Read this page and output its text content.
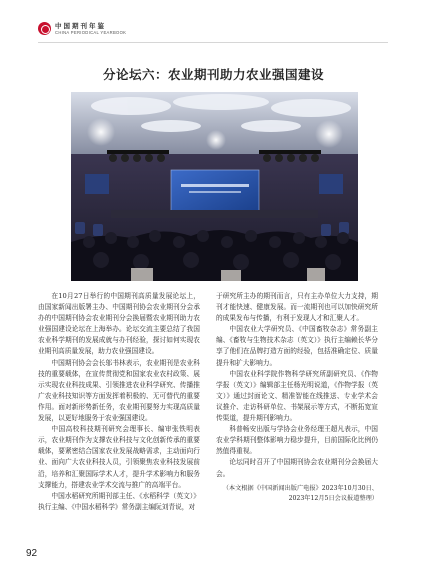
中国期刊年鉴
CHINA PERIODICAL YEARBOOK
分论坛六：农业期刊助力农业强国建设

在10月27日举行的中国期刊高质量发展论坛上，由国家新闻出版署主办、中国期刊协会农业期刊分会承办的中国期刊协会农业期刊分会换届暨农业期刊助力农业强国建设论坛在上海举办。论坛交流主要总结了我国农业科学期刊的发展成就与办刊经验，探讨如何实现农业期刊高质量发展，助力农业强国建设。

中国期刊协会会长邬书林表示，农业期刊是农业科技的重要载体，在宣传贯彻党和国家农业农村政策、展示实现农业科技成果、引领推进农业科学研究、传播推广农业科技知识等方面发挥着积极的、无可替代的重要作用。面对新形势新任务，农业期刊要努力实现高质量发展，以更好地服务于农业强国建设。

中国高校科技期刊研究会理事长、编审张铁明表示，农业期刊作为支撑农业科技与文化创新传承的重要载体，要紧密结合国家农业发展战略需求，主动面向行业、面向广大农业科技人员，引领聚焦农业科技发展前沿，培养和汇聚国际学术人才，提升学术影响力和服务支撑能力，搭建农业学术交流与推广的高端平台。

中国水稻研究所期刊部主任、《水稻科学（英文）》执行主编、《中国水稻科学》常务副主编阮刘青说，对

于研究所主办的期刊而言，只有主办单位大力支持，期刊才能快速、健康发展。而一流期刊也可以加快研究所的成果发布与传播，有利于发现人才和汇聚人才。

中国农业大学研究员、《中国畜牧杂志》常务副主编、《畜牧与生物技术杂志（英文）》执行主编赖长华分享了他们在品牌打造方面的经验，包括准确定位、质量提升和扩大影响力。

中国农业科学院作物科学研究所副研究员、《作物学报（英文）》编辑部主任杨光明说道，《作物学报（英文）》通过封面论文、精准智能在线推送、专业学术会议推介、走访科研单位、书架展示等方式，不断拓宽宣传渠道，提升期刊影响力。

科普畅安出版与学协会业务经理王超凡表示，中国农业学科期刊整体影响力稳步提升，目前国际化比例仍然值得重视。

论坛同时召开了中国期刊协会农业期刊分会换届大会。

（本文根据《中国新闻出版广电报》2023年10月30日、2023年12月5日会议报道整理）
92
